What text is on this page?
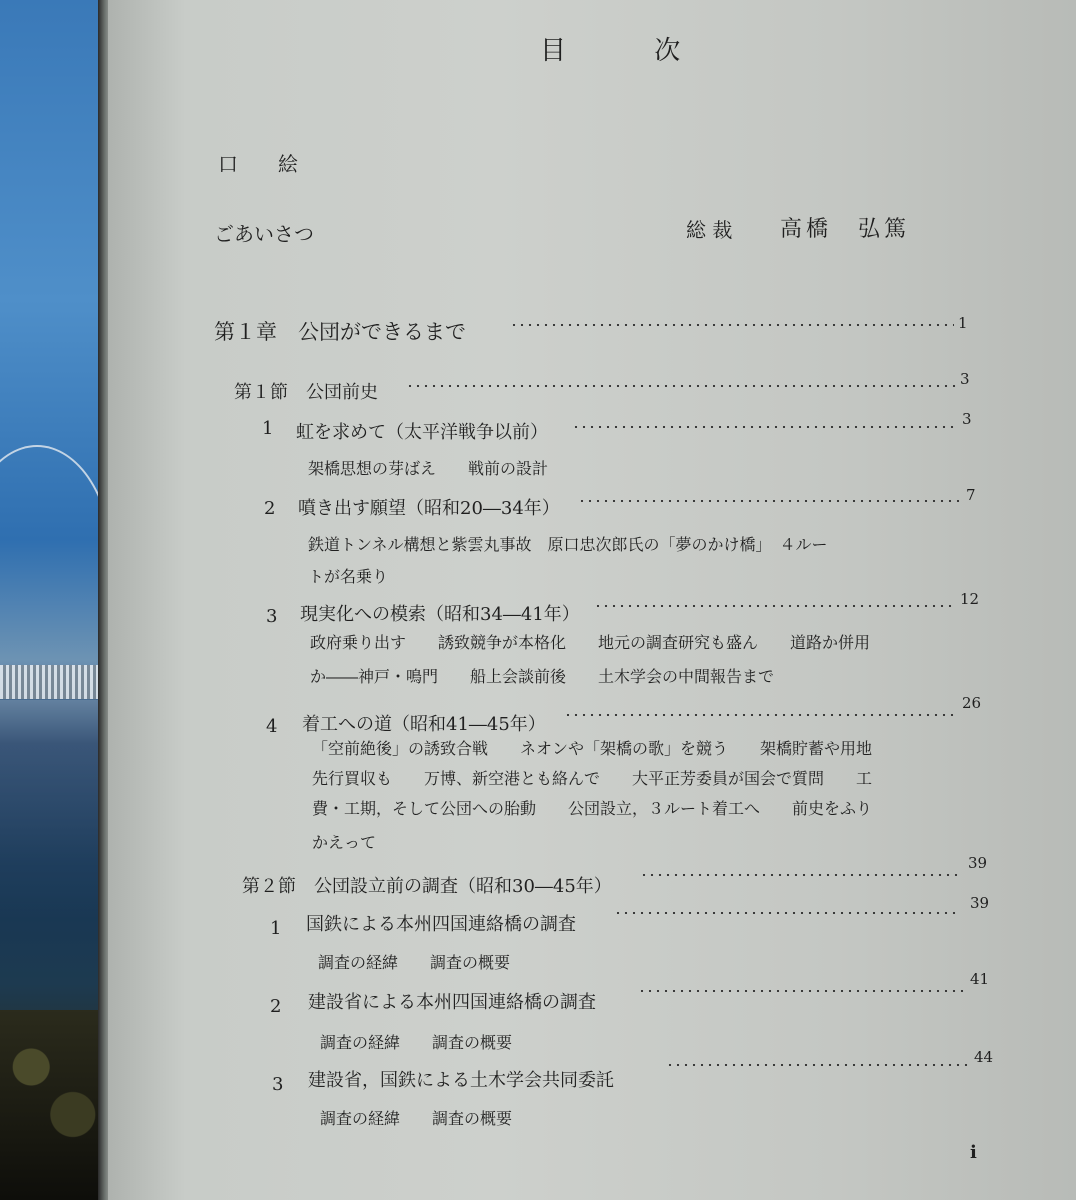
目 次
口　　絵
ごあいさつ	総 裁 高橋　弘篤
第１章　公団ができるまで	1
第１節　公団前史
3
1 虹を求めて（太平洋戦争以前）
3
架橋思想の芽ばえ　　戦前の設計
2 噴き出す願望（昭和20―34年）
7
鉄道トンネル構想と紫雲丸事故　原口忠次郎氏の「夢のかけ橋」　４ルー
トが名乗り
3 現実化への模索（昭和34―41年）
12
政府乗り出す　　誘致競争が本格化　　地元の調査研究も盛ん　　道路か併用
か――神戸・鳴門　　船上会談前後　　土木学会の中間報告まで
4 着工への道（昭和41―45年）
26
「空前絶後」の誘致合戦　　ネオンや「架橋の歌」を競う　　架橋貯蓄や用地
先行買収も　　万博、新空港とも絡んで　　大平正芳委員が国会で質問　　工
費・工期，そして公団への胎動　　公団設立，３ルート着工へ　　前史をふり
かえって
第２節　公団設立前の調査（昭和30―45年）
39
1 国鉄による本州四国連絡橋の調査
39
調査の経緯　　調査の概要
2 建設省による本州四国連絡橋の調査
41
調査の経緯　　調査の概要
3 建設省，国鉄による土木学会共同委託
44
調査の経緯　　調査の概要
i
